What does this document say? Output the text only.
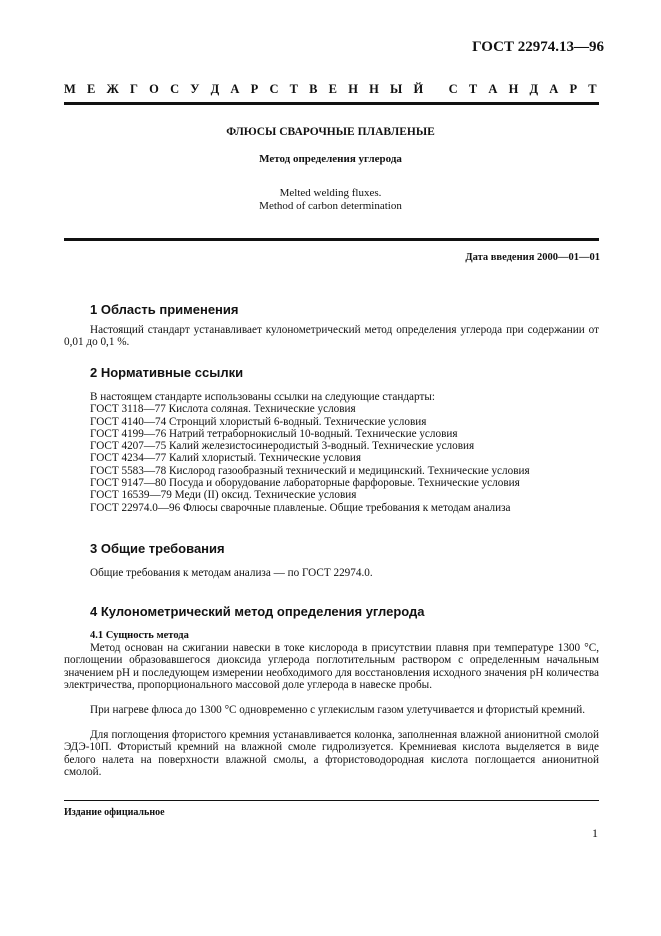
ГОСТ 22974.13—96
М Е Ж Г О С У Д А Р С Т В Е Н Н Ы Й
С Т А Н Д А Р Т
ФЛЮСЫ СВАРОЧНЫЕ ПЛАВЛЕНЫЕ
Метод определения углерода
Melted welding fluxes.
Method of carbon determination
Дата введения 2000—01—01
1 Область применения
Настоящий стандарт устанавливает кулонометрический метод определения углерода при содержании от 0,01 до 0,1 %.
2 Нормативные ссылки
В настоящем стандарте использованы ссылки на следующие стандарты:
ГОСТ 3118—77 Кислота соляная. Технические условия
ГОСТ 4140—74 Стронций хлористый 6-водный. Технические условия
ГОСТ 4199—76 Натрий тетраборнокислый 10-водный. Технические условия
ГОСТ 4207—75 Калий железистосинеродистый 3-водный. Технические условия
ГОСТ 4234—77 Калий хлористый. Технические условия
ГОСТ 5583—78 Кислород газообразный технический и медицинский. Технические условия
ГОСТ 9147—80 Посуда и оборудование лабораторные фарфоровые. Технические условия
ГОСТ 16539—79 Меди (II) оксид. Технические условия
ГОСТ 22974.0—96 Флюсы сварочные плавленые. Общие требования к методам анализа
3 Общие требования
Общие требования к методам анализа — по ГОСТ 22974.0.
4 Кулонометрический метод определения углерода
4.1 Сущность метода
Метод основан на сжигании навески в токе кислорода в присутствии плавня при температуре 1300 °С, поглощении образовавшегося диоксида углерода поглотительным раствором с определенным начальным значением pH и последующем измерении необходимого для восстановления исходного значения pH количества электричества, пропорционального массовой доле углерода в навеске пробы.
При нагреве флюса до 1300 °С одновременно с углекислым газом улетучивается и фтористый кремний.
Для поглощения фтористого кремния устанавливается колонка, заполненная влажной анионитной смолой ЭДЭ-10П. Фтористый кремний на влажной смоле гидролизуется. Кремниевая кислота выделяется в виде белого налета на поверхности влажной смолы, а фтористоводородная кислота поглощается анионитной смолой.
Издание официальное
1
